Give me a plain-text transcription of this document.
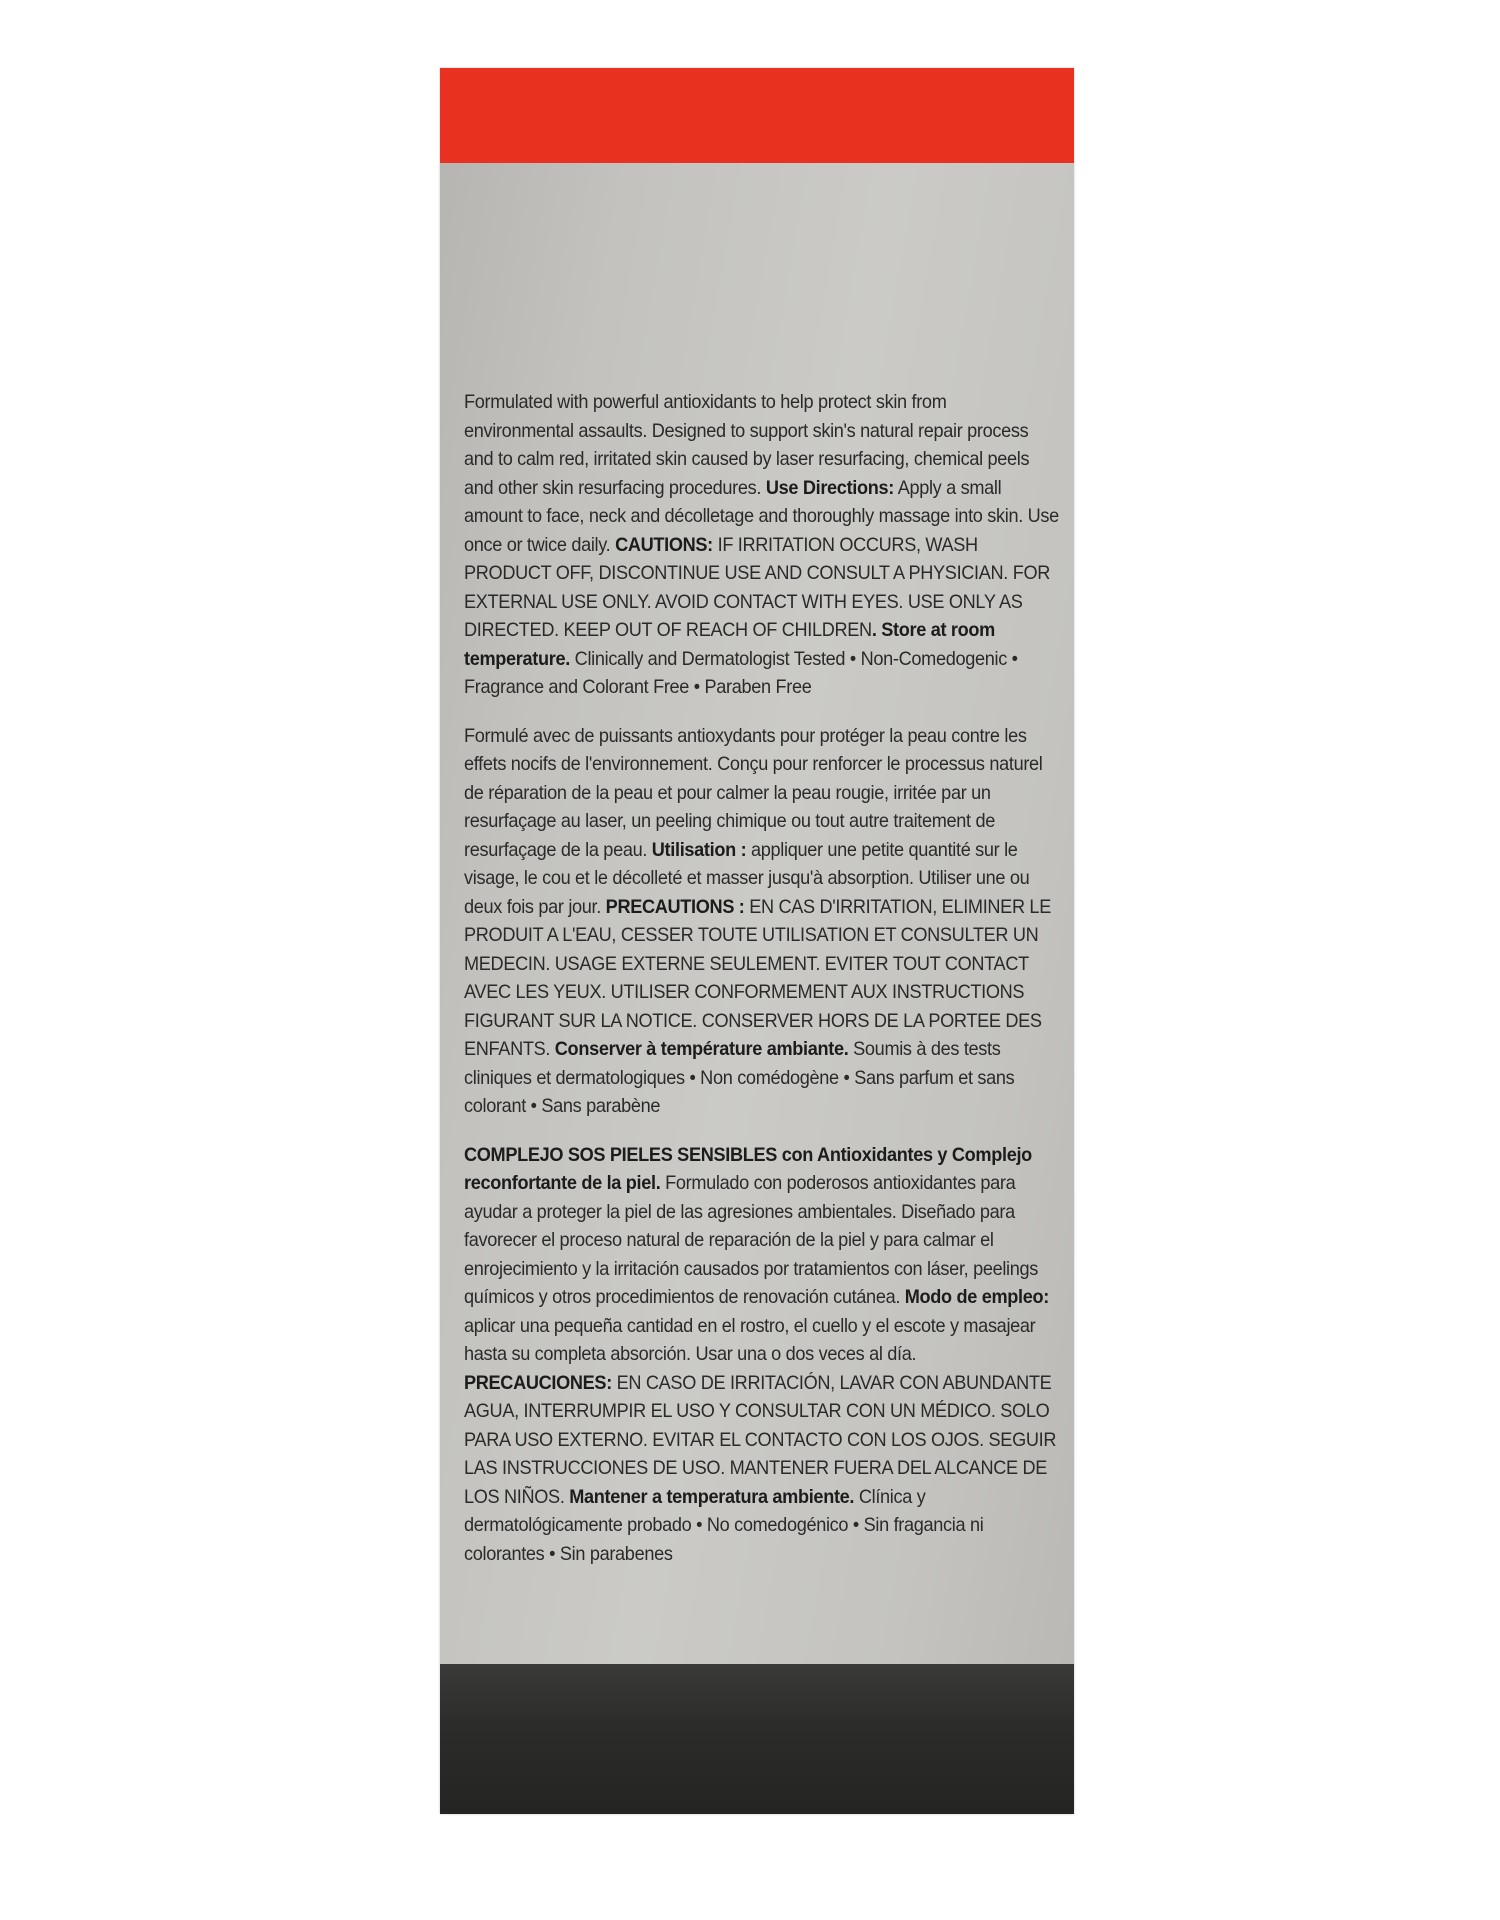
Formulated with powerful antioxidants to help protect skin from environmental assaults. Designed to support skin's natural repair process and to calm red, irritated skin caused by laser resurfacing, chemical peels and other skin resurfacing procedures. Use Directions: Apply a small amount to face, neck and décolletage and thoroughly massage into skin. Use once or twice daily. CAUTIONS: IF IRRITATION OCCURS, WASH PRODUCT OFF, DISCONTINUE USE AND CONSULT A PHYSICIAN. FOR EXTERNAL USE ONLY. AVOID CONTACT WITH EYES. USE ONLY AS DIRECTED. KEEP OUT OF REACH OF CHILDREN. Store at room temperature. Clinically and Dermatologist Tested • Non-Comedogenic • Fragrance and Colorant Free • Paraben Free

Formulé avec de puissants antioxydants pour protéger la peau contre les effets nocifs de l'environnement. Conçu pour renforcer le processus naturel de réparation de la peau et pour calmer la peau rougie, irritée par un resurfaçage au laser, un peeling chimique ou tout autre traitement de resurfaçage de la peau. Utilisation : appliquer une petite quantité sur le visage, le cou et le décolleté et masser jusqu'à absorption. Utiliser une ou deux fois par jour. PRECAUTIONS : EN CAS D'IRRITATION, ELIMINER LE PRODUIT A L'EAU, CESSER TOUTE UTILISATION ET CONSULTER UN MEDECIN. USAGE EXTERNE SEULEMENT. EVITER TOUT CONTACT AVEC LES YEUX. UTILISER CONFORMEMENT AUX INSTRUCTIONS FIGURANT SUR LA NOTICE. CONSERVER HORS DE LA PORTEE DES ENFANTS. Conserver à température ambiante. Soumis à des tests cliniques et dermatologiques • Non comédogène • Sans parfum et sans colorant • Sans parabène

COMPLEJO SOS PIELES SENSIBLES con Antioxidantes y Complejo reconfortante de la piel. Formulado con poderosos antioxidantes para ayudar a proteger la piel de las agresiones ambientales. Diseñado para favorecer el proceso natural de reparación de la piel y para calmar el enrojecimiento y la irritación causados por tratamientos con láser, peelings químicos y otros procedimientos de renovación cutánea. Modo de empleo: aplicar una pequeña cantidad en el rostro, el cuello y el escote y masajear hasta su completa absorción. Usar una o dos veces al día. PRECAUCIONES: EN CASO DE IRRITACIÓN, LAVAR CON ABUNDANTE AGUA, INTERRUMPIR EL USO Y CONSULTAR CON UN MÉDICO. SOLO PARA USO EXTERNO. EVITAR EL CONTACTO CON LOS OJOS. SEGUIR LAS INSTRUCCIONES DE USO. MANTENER FUERA DEL ALCANCE DE LOS NIÑOS. Mantener a temperatura ambiente. Clínica y dermatológicamente probado • No comedogénico • Sin fragancia ni colorantes • Sin parabenes
